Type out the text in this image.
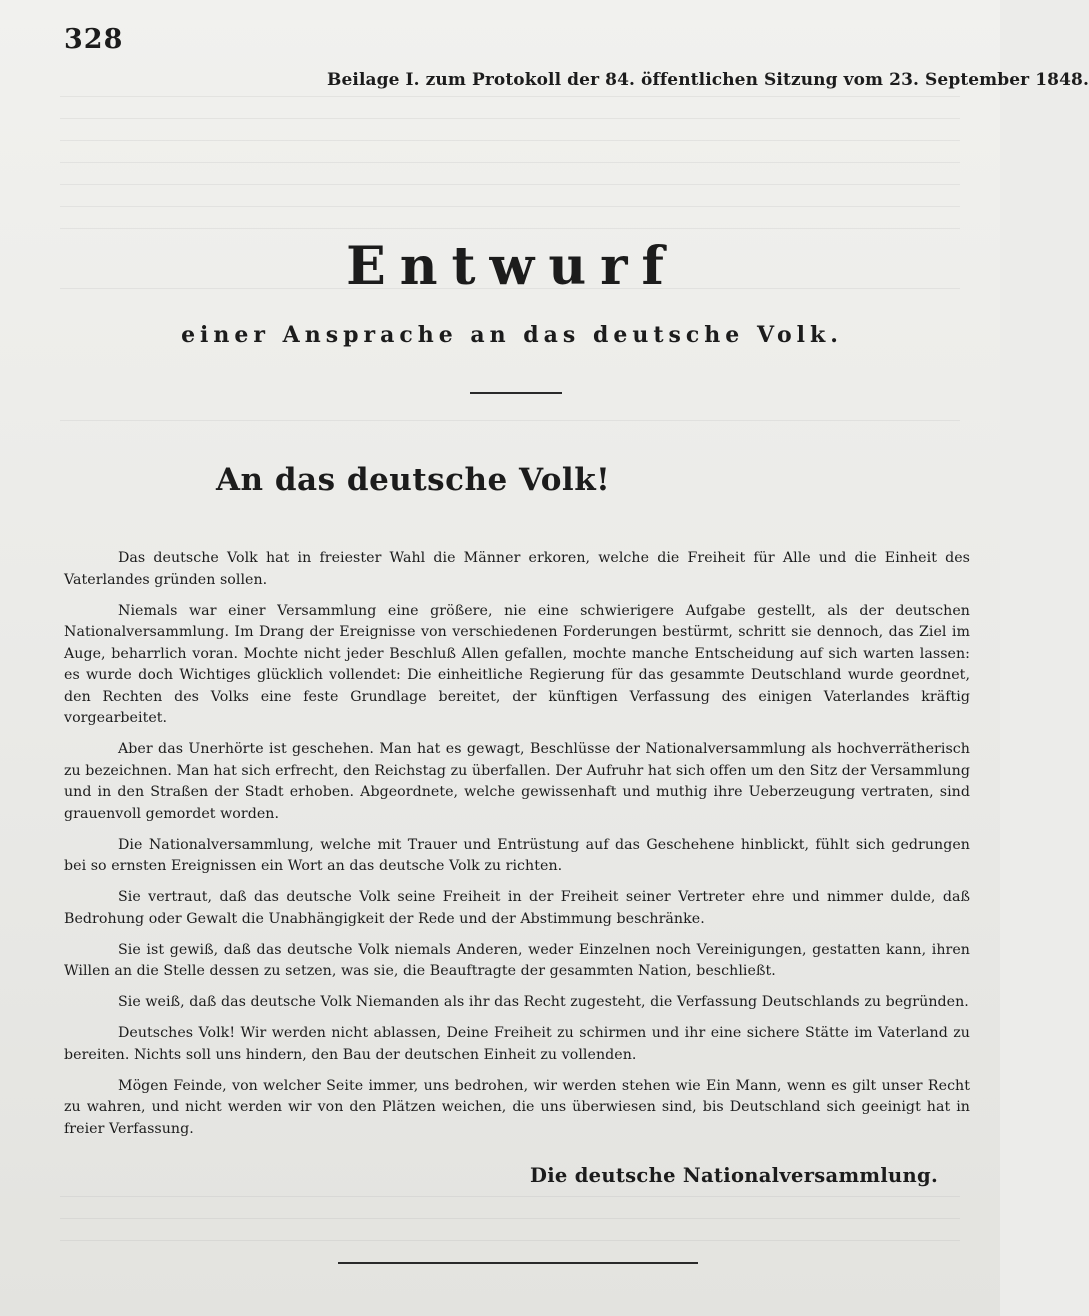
328
Beilage I. zum Protokoll der 84. öffentlichen Sitzung vom 23. September 1848.
Entwurf
einer Ansprache an das deutsche Volk.
An das deutsche Volk!

Das deutsche Volk hat in freiester Wahl die Männer erkoren, welche die Freiheit für Alle und die Einheit des Vaterlandes gründen sollen.

Niemals war einer Versammlung eine größere, nie eine schwierigere Aufgabe gestellt, als der deutschen Nationalversammlung. Im Drang der Ereignisse von verschiedenen Forderungen bestürmt, schritt sie dennoch, das Ziel im Auge, beharrlich voran. Mochte nicht jeder Beschluß Allen gefallen, mochte manche Entscheidung auf sich warten lassen: es wurde doch Wichtiges glücklich vollendet: Die einheitliche Regierung für das gesammte Deutschland wurde geordnet, den Rechten des Volks eine feste Grundlage bereitet, der künftigen Verfassung des einigen Vaterlandes kräftig vorgearbeitet.

Aber das Unerhörte ist geschehen. Man hat es gewagt, Beschlüsse der Nationalversammlung als hochverrätherisch zu bezeichnen. Man hat sich erfrecht, den Reichstag zu überfallen. Der Aufruhr hat sich offen um den Sitz der Versammlung und in den Straßen der Stadt erhoben. Abgeordnete, welche gewissenhaft und muthig ihre Ueberzeugung vertraten, sind grauenvoll gemordet worden.

Die Nationalversammlung, welche mit Trauer und Entrüstung auf das Geschehene hinblickt, fühlt sich gedrungen bei so ernsten Ereignissen ein Wort an das deutsche Volk zu richten.

Sie vertraut, daß das deutsche Volk seine Freiheit in der Freiheit seiner Vertreter ehre und nimmer dulde, daß Bedrohung oder Gewalt die Unabhängigkeit der Rede und der Abstimmung beschränke.

Sie ist gewiß, daß das deutsche Volk niemals Anderen, weder Einzelnen noch Vereinigungen, gestatten kann, ihren Willen an die Stelle dessen zu setzen, was sie, die Beauftragte der gesammten Nation, beschließt.

Sie weiß, daß das deutsche Volk Niemanden als ihr das Recht zugesteht, die Verfassung Deutschlands zu begründen.

Deutsches Volk! Wir werden nicht ablassen, Deine Freiheit zu schirmen und ihr eine sichere Stätte im Vaterland zu bereiten. Nichts soll uns hindern, den Bau der deutschen Einheit zu vollenden.

Mögen Feinde, von welcher Seite immer, uns bedrohen, wir werden stehen wie Ein Mann, wenn es gilt unser Recht zu wahren, und nicht werden wir von den Plätzen weichen, die uns überwiesen sind, bis Deutschland sich geeinigt hat in freier Verfassung.

Die deutsche Nationalversammlung.
